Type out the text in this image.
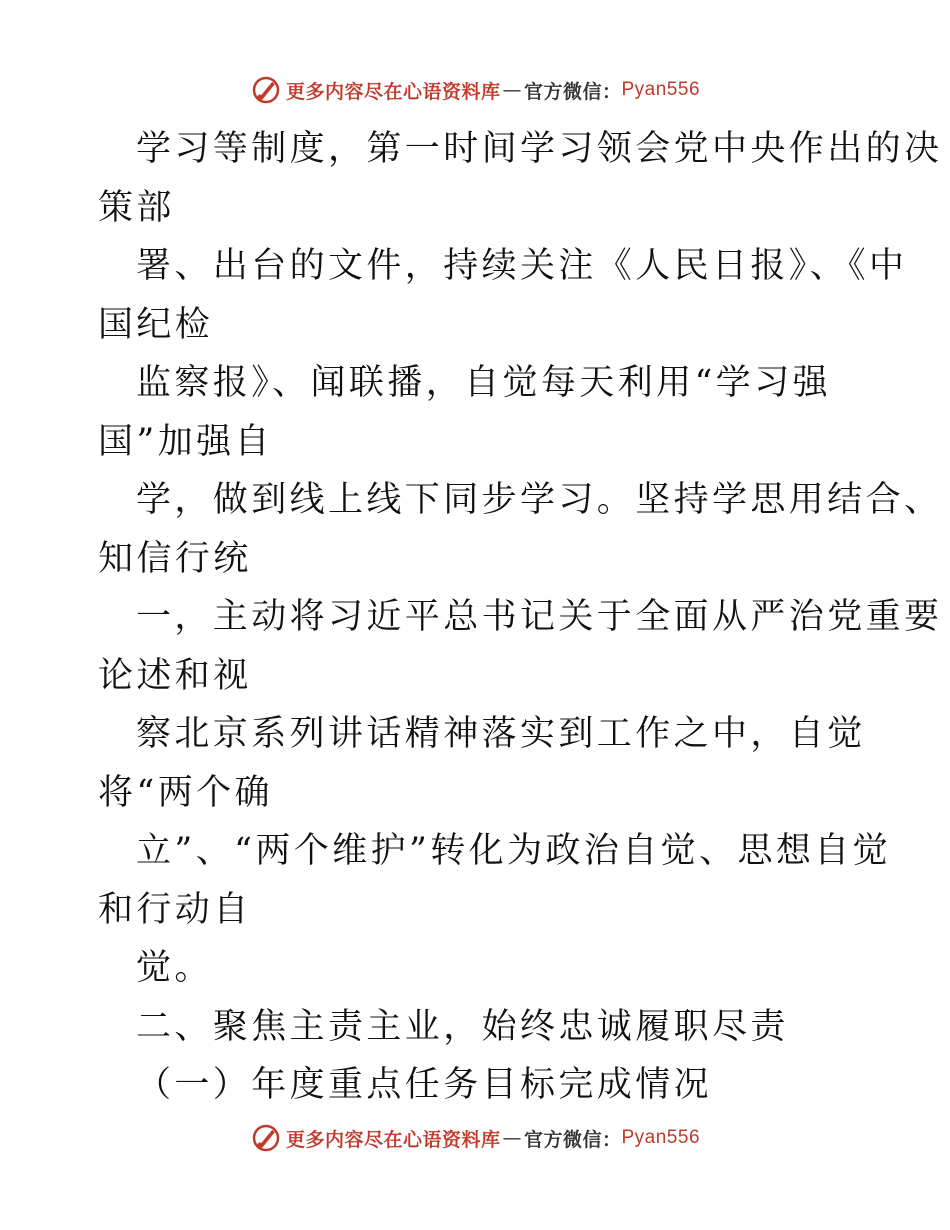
更多内容尽在心语资料库 — 官方微信： Pyan556
学习等制度，第一时间学习领会党中央作出的决
策部
署、出台的文件，持续关注《人民日报》、《中
国纪检
监察报》、闻联播，自觉每天利用“学习强
国”加强自
学，做到线上线下同步学习。坚持学思用结合、
知信行统
一，主动将习近平总书记关于全面从严治党重要
论述和视
察北京系列讲话精神落实到工作之中，自觉
将“两个确
立”、“两个维护”转化为政治自觉、思想自觉
和行动自
觉。
二、聚焦主责主业，始终忠诚履职尽责
（一）年度重点任务目标完成情况
更多内容尽在心语资料库 — 官方微信： Pyan556
